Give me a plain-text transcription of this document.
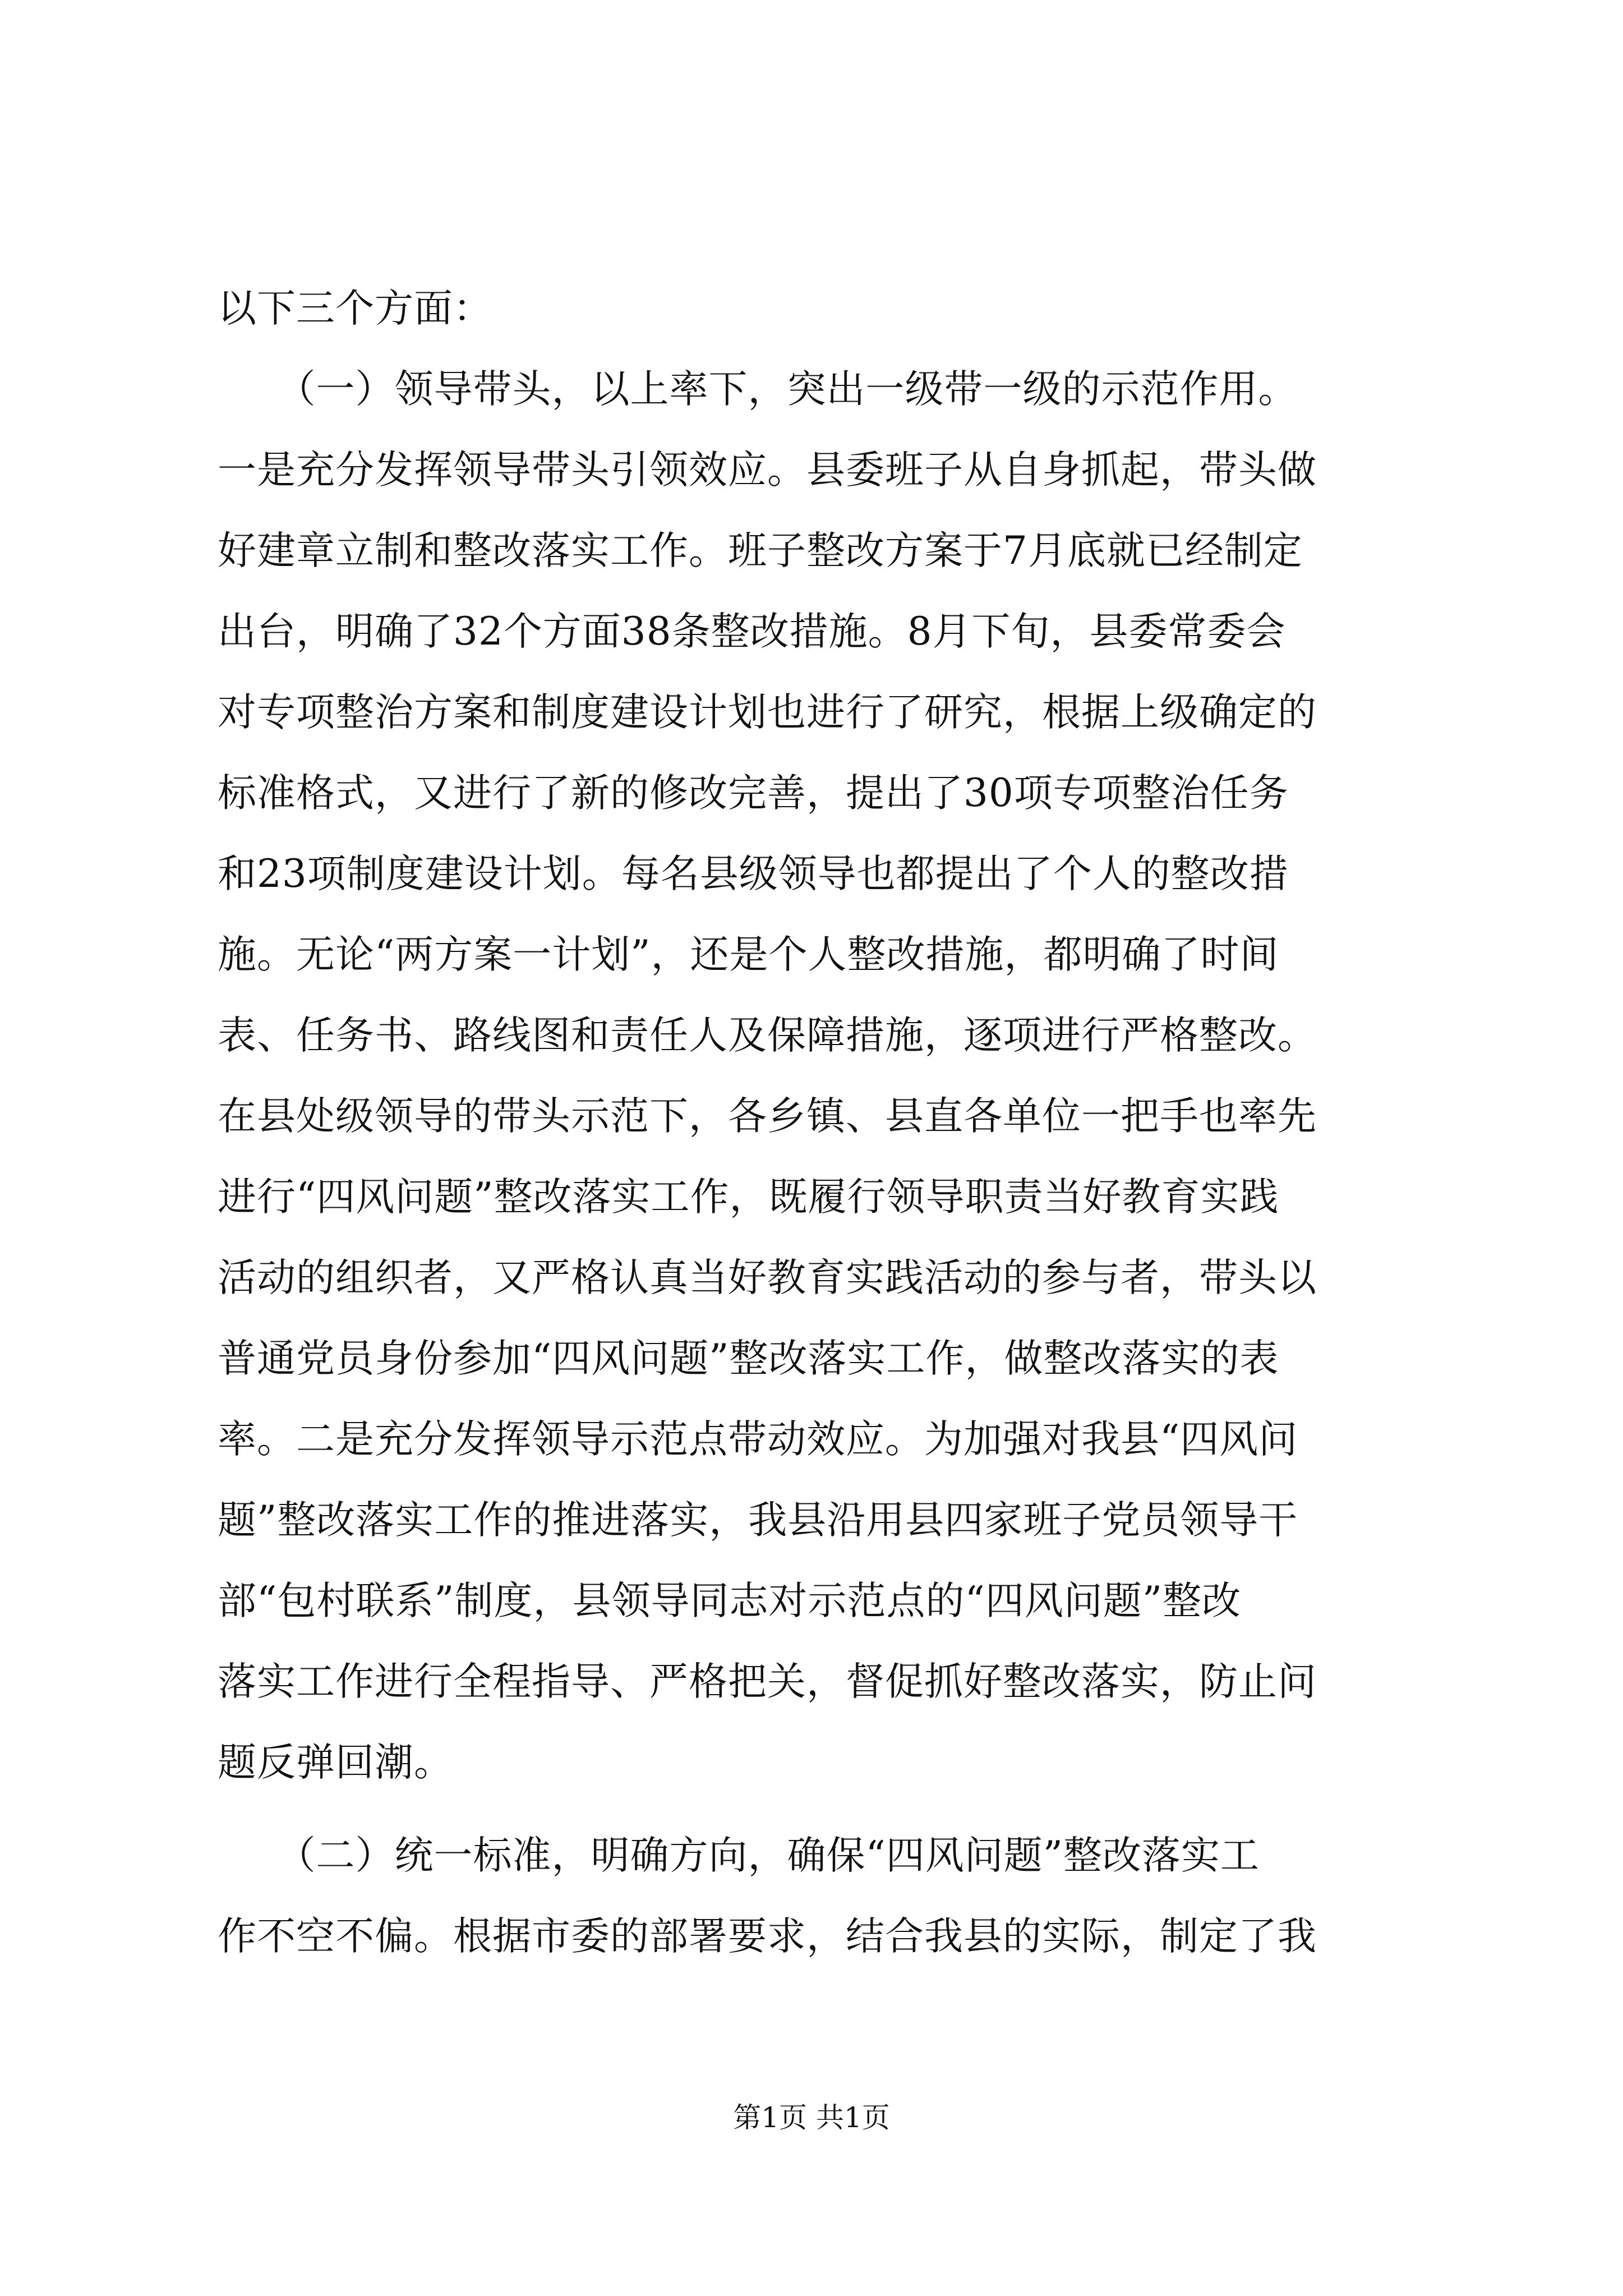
以下三个方面：
　　（一）领导带头，以上率下，突出一级带一级的示范作用。
一是充分发挥领导带头引领效应。县委班子从自身抓起，带头做
好建章立制和整改落实工作。班子整改方案于7月底就已经制定
出台，明确了32个方面38条整改措施。8月下旬，县委常委会
对专项整治方案和制度建设计划也进行了研究，根据上级确定的
标准格式，又进行了新的修改完善，提出了30项专项整治任务
和23项制度建设计划。每名县级领导也都提出了个人的整改措
施。无论“两方案一计划”，还是个人整改措施，都明确了时间
表、任务书、路线图和责任人及保障措施，逐项进行严格整改。
在县处级领导的带头示范下，各乡镇、县直各单位一把手也率先
进行“四风问题”整改落实工作，既履行领导职责当好教育实践
活动的组织者，又严格认真当好教育实践活动的参与者，带头以
普通党员身份参加“四风问题”整改落实工作，做整改落实的表
率。二是充分发挥领导示范点带动效应。为加强对我县“四风问
题”整改落实工作的推进落实，我县沿用县四家班子党员领导干
部“包村联系”制度，县领导同志对示范点的“四风问题”整改
落实工作进行全程指导、严格把关，督促抓好整改落实，防止问
题反弹回潮。
　　（二）统一标准，明确方向，确保“四风问题”整改落实工
作不空不偏。根据市委的部署要求，结合我县的实际，制定了我
第1页 共1页
